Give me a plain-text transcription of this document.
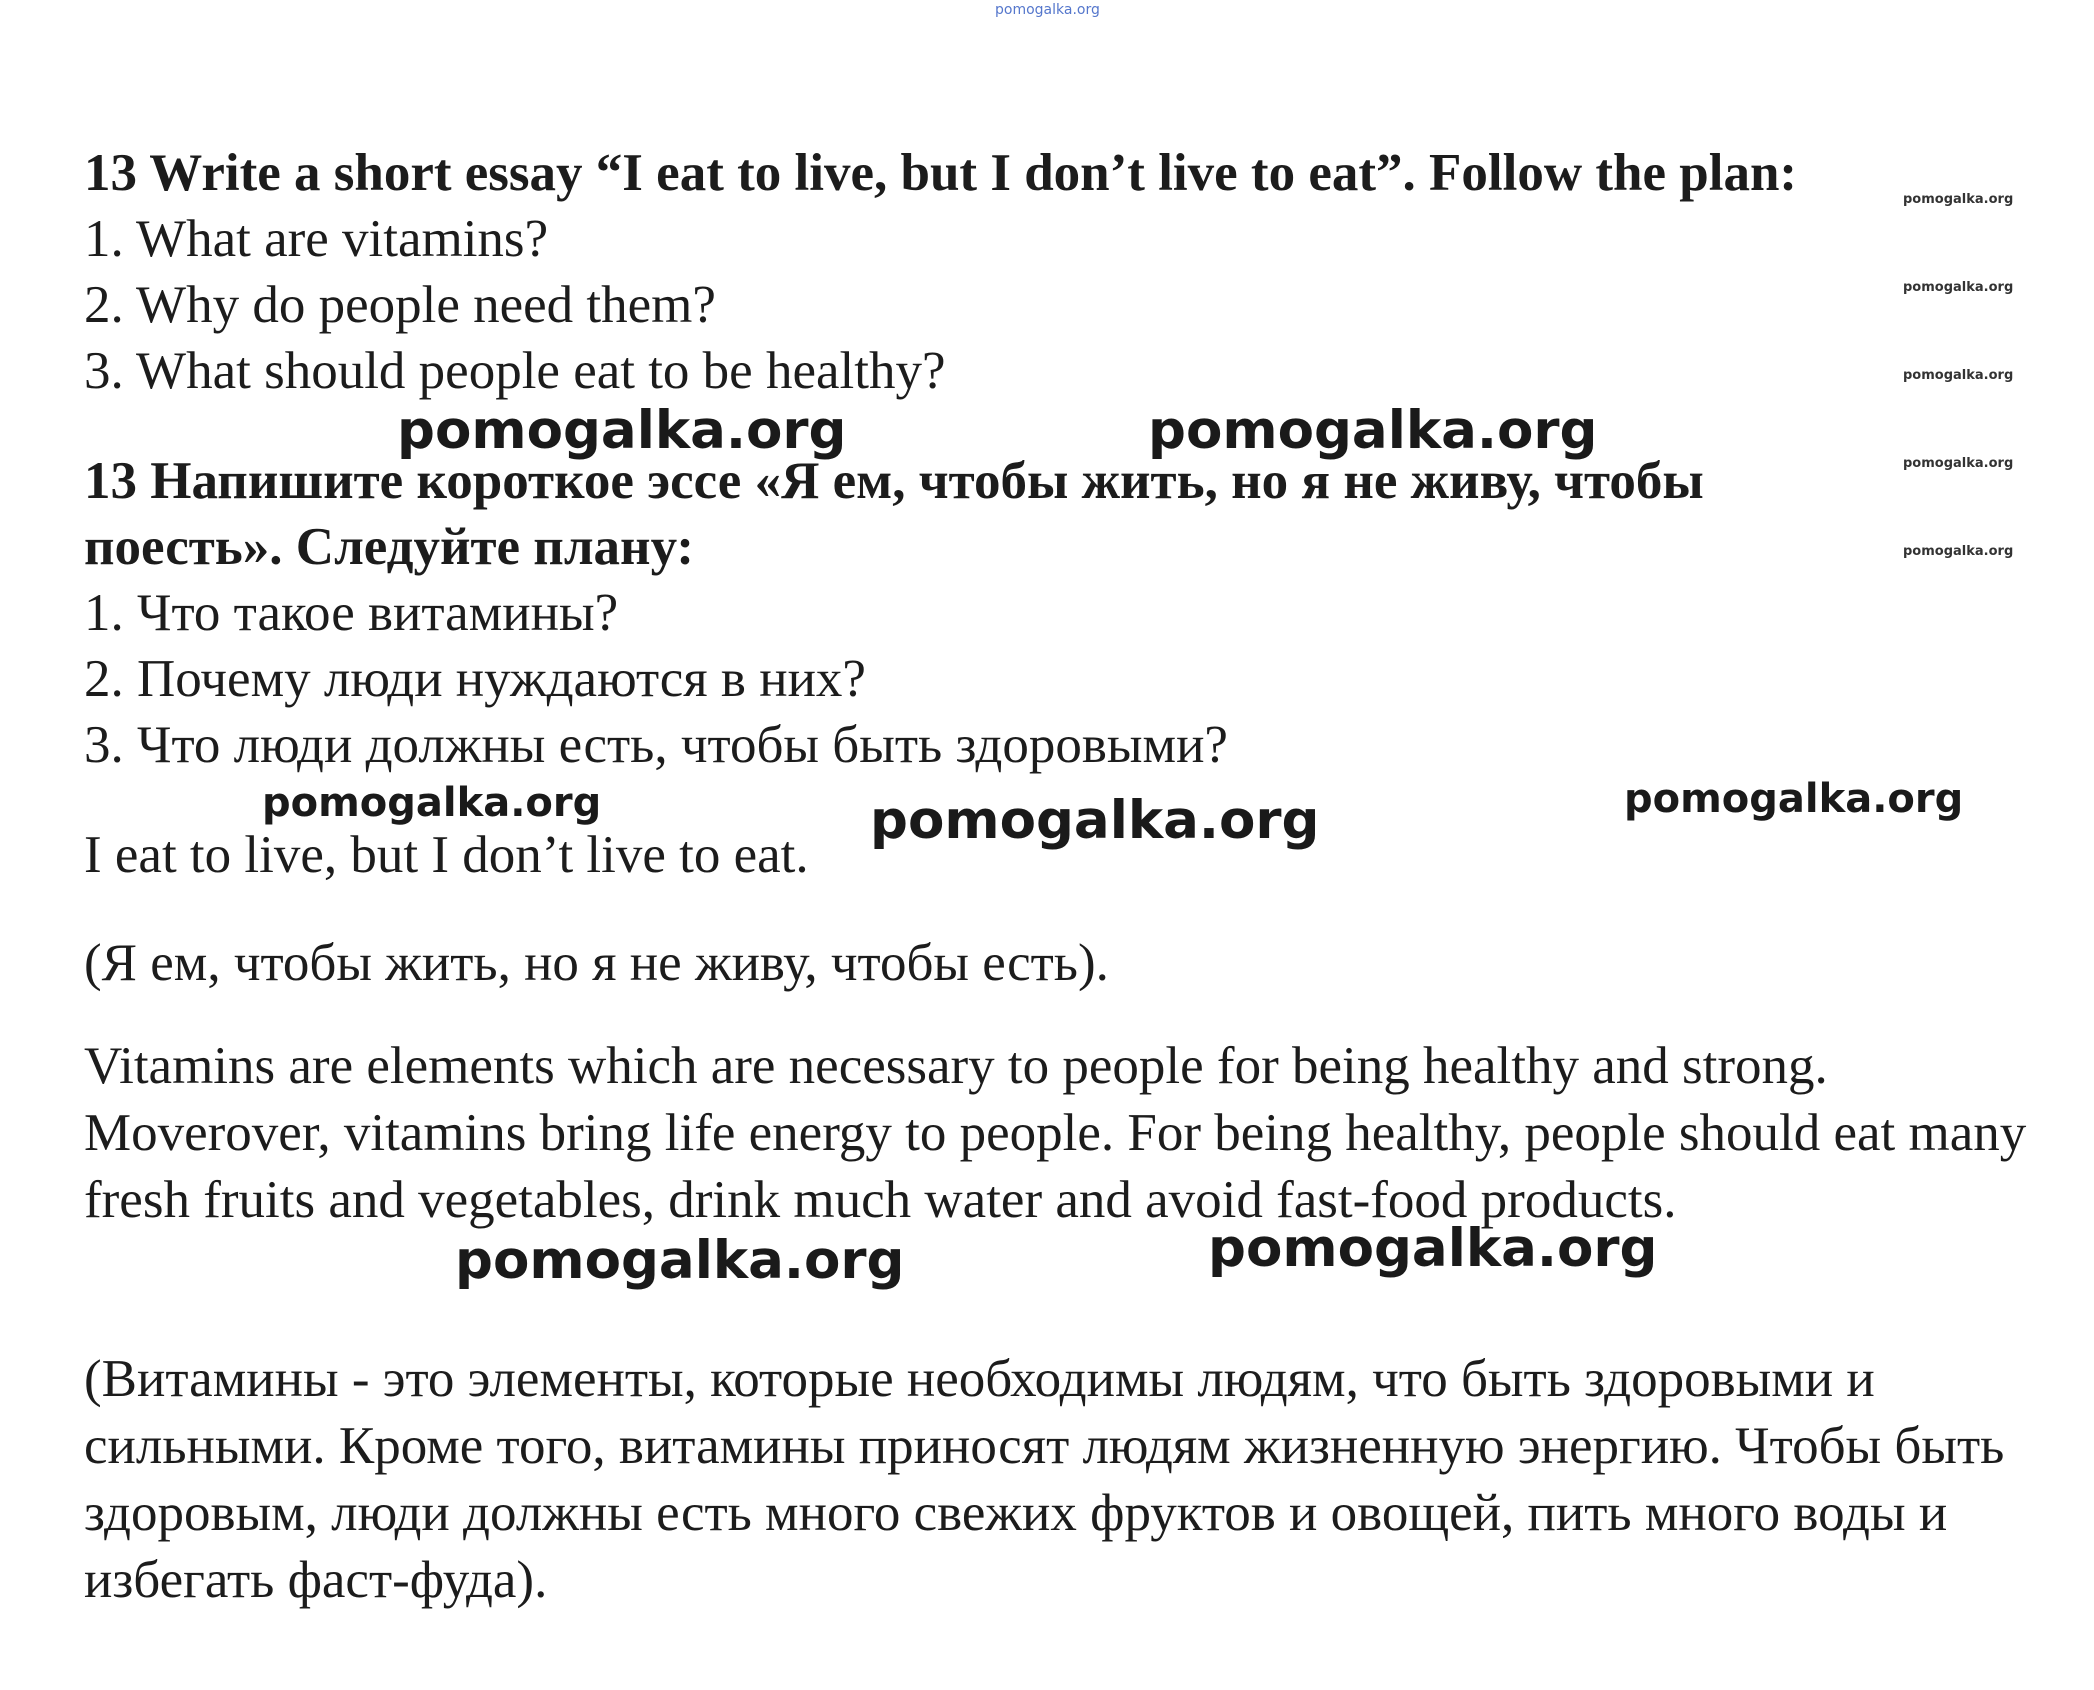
pomogalka.org
13 Write a short essay “I eat to live, but I don’t live to eat”. Follow the plan:
1. What are vitamins?
2. Why do people need them?
3. What should people eat to be healthy?
13 Напишите короткое эссе «Я ем, чтобы жить, но я не живу, чтобы
поесть». Следуйте плану:
1. Что такое витамины?
2. Почему люди нуждаются в них?
3. Что люди должны есть, чтобы быть здоровыми?
I eat to live, but I don’t live to eat.
(Я ем, чтобы жить, но я не живу, чтобы есть).
Vitamins are elements which are necessary to people for being healthy and strong. Moverover, vitamins bring life energy to people. For being healthy, people should eat many fresh fruits and vegetables, drink much water and avoid fast-food products.
(Витамины - это элементы, которые необходимы людям, что быть здоровыми и сильными. Кроме того, витамины приносят людям жизненную энергию. Чтобы быть здоровым, люди должны есть много свежих фруктов и овощей, пить много воды и избегать фаст-фуда).
pomogalka.org	pomogalka.org
pomogalka.org
pomogalka.org	pomogalka.org
pomogalka.org	pomogalka.org
pomogalka.org
pomogalka.org
pomogalka.org
pomogalka.org
pomogalka.org
